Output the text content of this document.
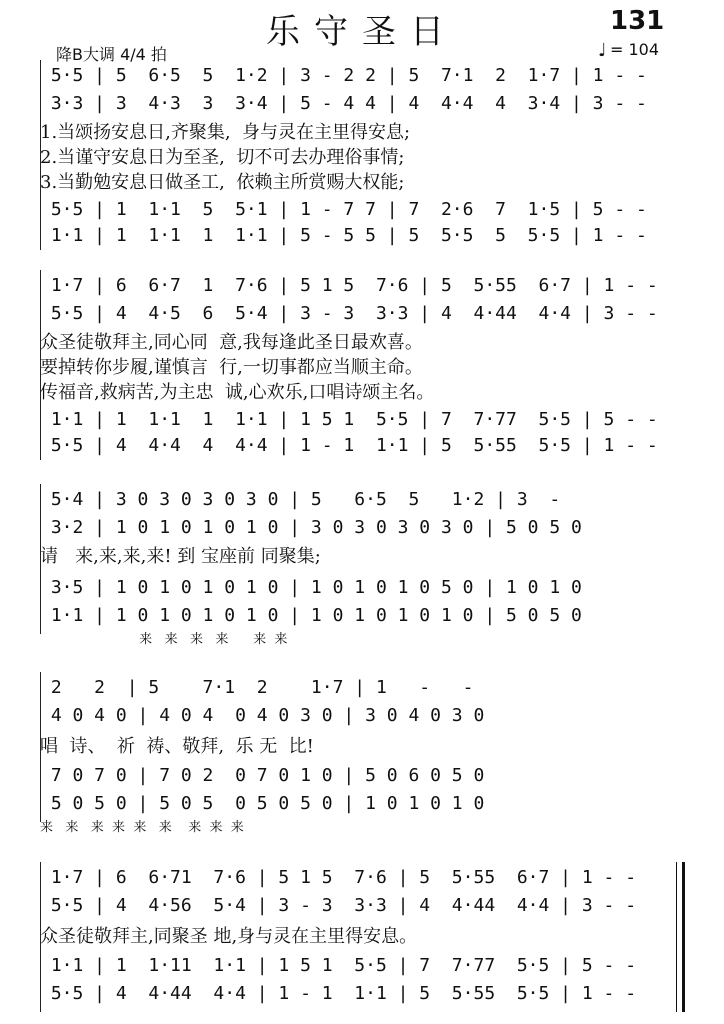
乐守圣日	131
降B大调 4/4 拍	♩ = 104
5·5 | 5  6·5  5  1·2 | 3 - 2 2 | 5  7·1  2  1·7 | 1 - -
3·3 | 3  4·3  3  3·4 | 5 - 4 4 | 4  4·4  4  3·4 | 3 - -
1.当颂扬安息日,齐聚集,  身与灵在主里得安息;
2.当谨守安息日为至圣,  切不可去办理俗事情;
3.当勤勉安息日做圣工,  依赖主所赏赐大权能;
5·5 | 1  1·1  5  5·1 | 1 - 7 7 | 7  2·6  7  1·5 | 5 - -
1·1 | 1  1·1  1  1·1 | 5 - 5 5 | 5  5·5  5  5·5 | 1 - -
1·7 | 6  6·7  1  7·6 | 5 1 5  7·6 | 5  5·55  6·7 | 1 - -
5·5 | 4  4·5  6  5·4 | 3 - 3  3·3 | 4  4·44  4·4 | 3 - -
众圣徒敬拜主,同心同  意,我每逢此圣日最欢喜。
要掉转你步履,谨慎言  行,一切事都应当顺主命。
传福音,救病苦,为主忠  诚,心欢乐,口唱诗颂主名。
1·1 | 1  1·1  1  1·1 | 1 5 1  5·5 | 7  7·77  5·5 | 5 - -
5·5 | 4  4·4  4  4·4 | 1 - 1  1·1 | 5  5·55  5·5 | 1 - -
5·4 | 3 0 3 0 3 0 3 0 | 5   6·5  5   1·2 | 3  -
3·2 | 1 0 1 0 1 0 1 0 | 3 0 3 0 3 0 3 0 | 5 0 5 0
请   来,来,来,来! 到 宝座前 同聚集;
3·5 | 1 0 1 0 1 0 1 0 | 1 0 1 0 1 0 5 0 | 1 0 1 0
1·1 | 1 0 1 0 1 0 1 0 | 1 0 1 0 1 0 1 0 | 5 0 5 0
来   来   来   来      来  来
2   2  | 5    7·1  2    1·7 | 1   -   -
4 0 4 0 | 4 0 4  0 4 0 3 0 | 3 0 4 0 3 0
唱  诗、  祈  祷、敬拜,  乐 无  比!
7 0 7 0 | 7 0 2  0 7 0 1 0 | 5 0 6 0 5 0
5 0 5 0 | 5 0 5  0 5 0 5 0 | 1 0 1 0 1 0
来   来   来  来  来   来    来  来  来
1·7 | 6  6·71  7·6 | 5 1 5  7·6 | 5  5·55  6·7 | 1 - -
5·5 | 4  4·56  5·4 | 3 - 3  3·3 | 4  4·44  4·4 | 3 - -
众圣徒敬拜主,同聚圣 地,身与灵在主里得安息。
1·1 | 1  1·11  1·1 | 1 5 1  5·5 | 7  7·77  5·5 | 5 - -
5·5 | 4  4·44  4·4 | 1 - 1  1·1 | 5  5·55  5·5 | 1 - -
